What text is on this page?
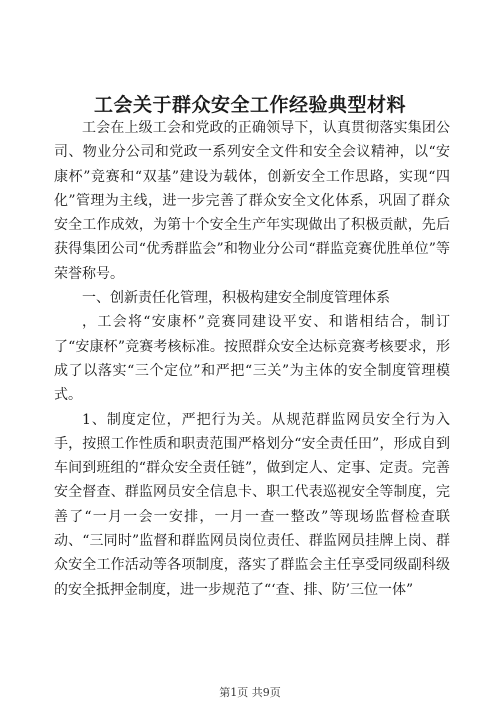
工会关于群众安全工作经验典型材料

工会在上级工会和党政的正确领导下，认真贯彻落实集团公司、物业分公司和党政一系列安全文件和安全会议精神，以“安康杯”竞赛和“双基”建设为载体，创新安全工作思路，实现“四化”管理为主线，进一步完善了群众安全文化体系，巩固了群众安全工作成效，为第十个安全生产年实现做出了积极贡献，先后获得集团公司“优秀群监会”和物业分公司“群监竞赛优胜单位”等荣誉称号。

一、创新责任化管理，积极构建安全制度管理体系

，工会将“安康杯”竞赛同建设平安、和谐相结合，制订了“安康杯”竞赛考核标准。按照群众安全达标竞赛考核要求，形成了以落实“三个定位”和严把“三关”为主体的安全制度管理模式。

1、制度定位，严把行为关。从规范群监网员安全行为入手，按照工作性质和职责范围严格划分“安全责任田”，形成自到车间到班组的“群众安全责任链”，做到定人、定事、定责。完善安全督查、群监网员安全信息卡、职工代表巡视安全等制度，完善了“一月一会一安排，一月一查一整改”等现场监督检查联动、“三同时”监督和群监网员岗位责任、群监网员挂牌上岗、群众安全工作活动等各项制度，落实了群监会主任享受同级副科级的安全抵押金制度，进一步规范了“‘查、排、防’三位一体”

第1页 共9页
